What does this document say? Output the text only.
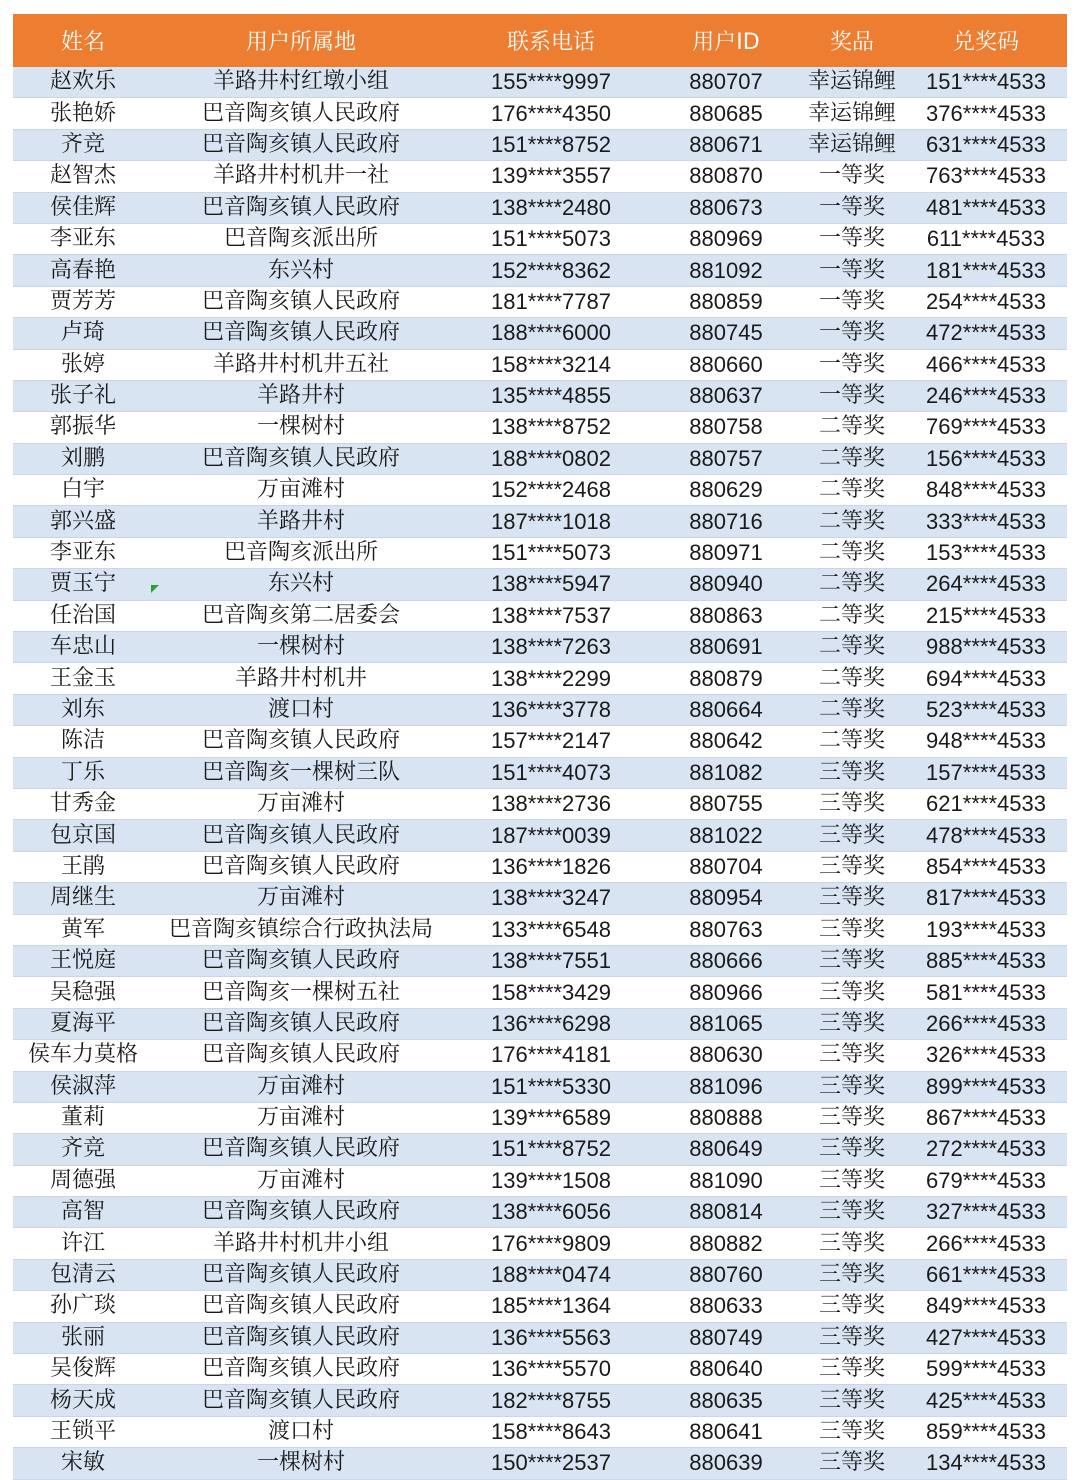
姓名	用户所属地	联系电话	用户ID	奖品	兑奖码
赵欢乐	羊路井村红墩小组	155****9997	880707	幸运锦鲤	151****4533
张艳娇	巴音陶亥镇人民政府	176****4350	880685	幸运锦鲤	376****4533
齐竞	巴音陶亥镇人民政府	151****8752	880671	幸运锦鲤	631****4533
赵智杰	羊路井村机井一社	139****3557	880870	一等奖	763****4533
侯佳辉	巴音陶亥镇人民政府	138****2480	880673	一等奖	481****4533
李亚东	巴音陶亥派出所	151****5073	880969	一等奖	611****4533
高春艳	东兴村	152****8362	881092	一等奖	181****4533
贾芳芳	巴音陶亥镇人民政府	181****7787	880859	一等奖	254****4533
卢琦	巴音陶亥镇人民政府	188****6000	880745	一等奖	472****4533
张婷	羊路井村机井五社	158****3214	880660	一等奖	466****4533
张子礼	羊路井村	135****4855	880637	一等奖	246****4533
郭振华	一棵树村	138****8752	880758	二等奖	769****4533
刘鹏	巴音陶亥镇人民政府	188****0802	880757	二等奖	156****4533
白宇	万亩滩村	152****2468	880629	二等奖	848****4533
郭兴盛	羊路井村	187****1018	880716	二等奖	333****4533
李亚东	巴音陶亥派出所	151****5073	880971	二等奖	153****4533
贾玉宁	东兴村	138****5947	880940	二等奖	264****4533
任治国	巴音陶亥第二居委会	138****7537	880863	二等奖	215****4533
车忠山	一棵树村	138****7263	880691	二等奖	988****4533
王金玉	羊路井村机井	138****2299	880879	二等奖	694****4533
刘东	渡口村	136****3778	880664	二等奖	523****4533
陈洁	巴音陶亥镇人民政府	157****2147	880642	二等奖	948****4533
丁乐	巴音陶亥一棵树三队	151****4073	881082	三等奖	157****4533
甘秀金	万亩滩村	138****2736	880755	三等奖	621****4533
包京国	巴音陶亥镇人民政府	187****0039	881022	三等奖	478****4533
王鹃	巴音陶亥镇人民政府	136****1826	880704	三等奖	854****4533
周继生	万亩滩村	138****3247	880954	三等奖	817****4533
黄军	巴音陶亥镇综合行政执法局	133****6548	880763	三等奖	193****4533
王悦庭	巴音陶亥镇人民政府	138****7551	880666	三等奖	885****4533
吴稳强	巴音陶亥一棵树五社	158****3429	880966	三等奖	581****4533
夏海平	巴音陶亥镇人民政府	136****6298	881065	三等奖	266****4533
侯车力莫格	巴音陶亥镇人民政府	176****4181	880630	三等奖	326****4533
侯淑萍	万亩滩村	151****5330	881096	三等奖	899****4533
董莉	万亩滩村	139****6589	880888	三等奖	867****4533
齐竞	巴音陶亥镇人民政府	151****8752	880649	三等奖	272****4533
周德强	万亩滩村	139****1508	881090	三等奖	679****4533
高智	巴音陶亥镇人民政府	138****6056	880814	三等奖	327****4533
许江	羊路井村机井小组	176****9809	880882	三等奖	266****4533
包清云	巴音陶亥镇人民政府	188****0474	880760	三等奖	661****4533
孙广琰	巴音陶亥镇人民政府	185****1364	880633	三等奖	849****4533
张丽	巴音陶亥镇人民政府	136****5563	880749	三等奖	427****4533
吴俊辉	巴音陶亥镇人民政府	136****5570	880640	三等奖	599****4533
杨天成	巴音陶亥镇人民政府	182****8755	880635	三等奖	425****4533
王锁平	渡口村	158****8643	880641	三等奖	859****4533
宋敏	一棵树村	150****2537	880639	三等奖	134****4533
